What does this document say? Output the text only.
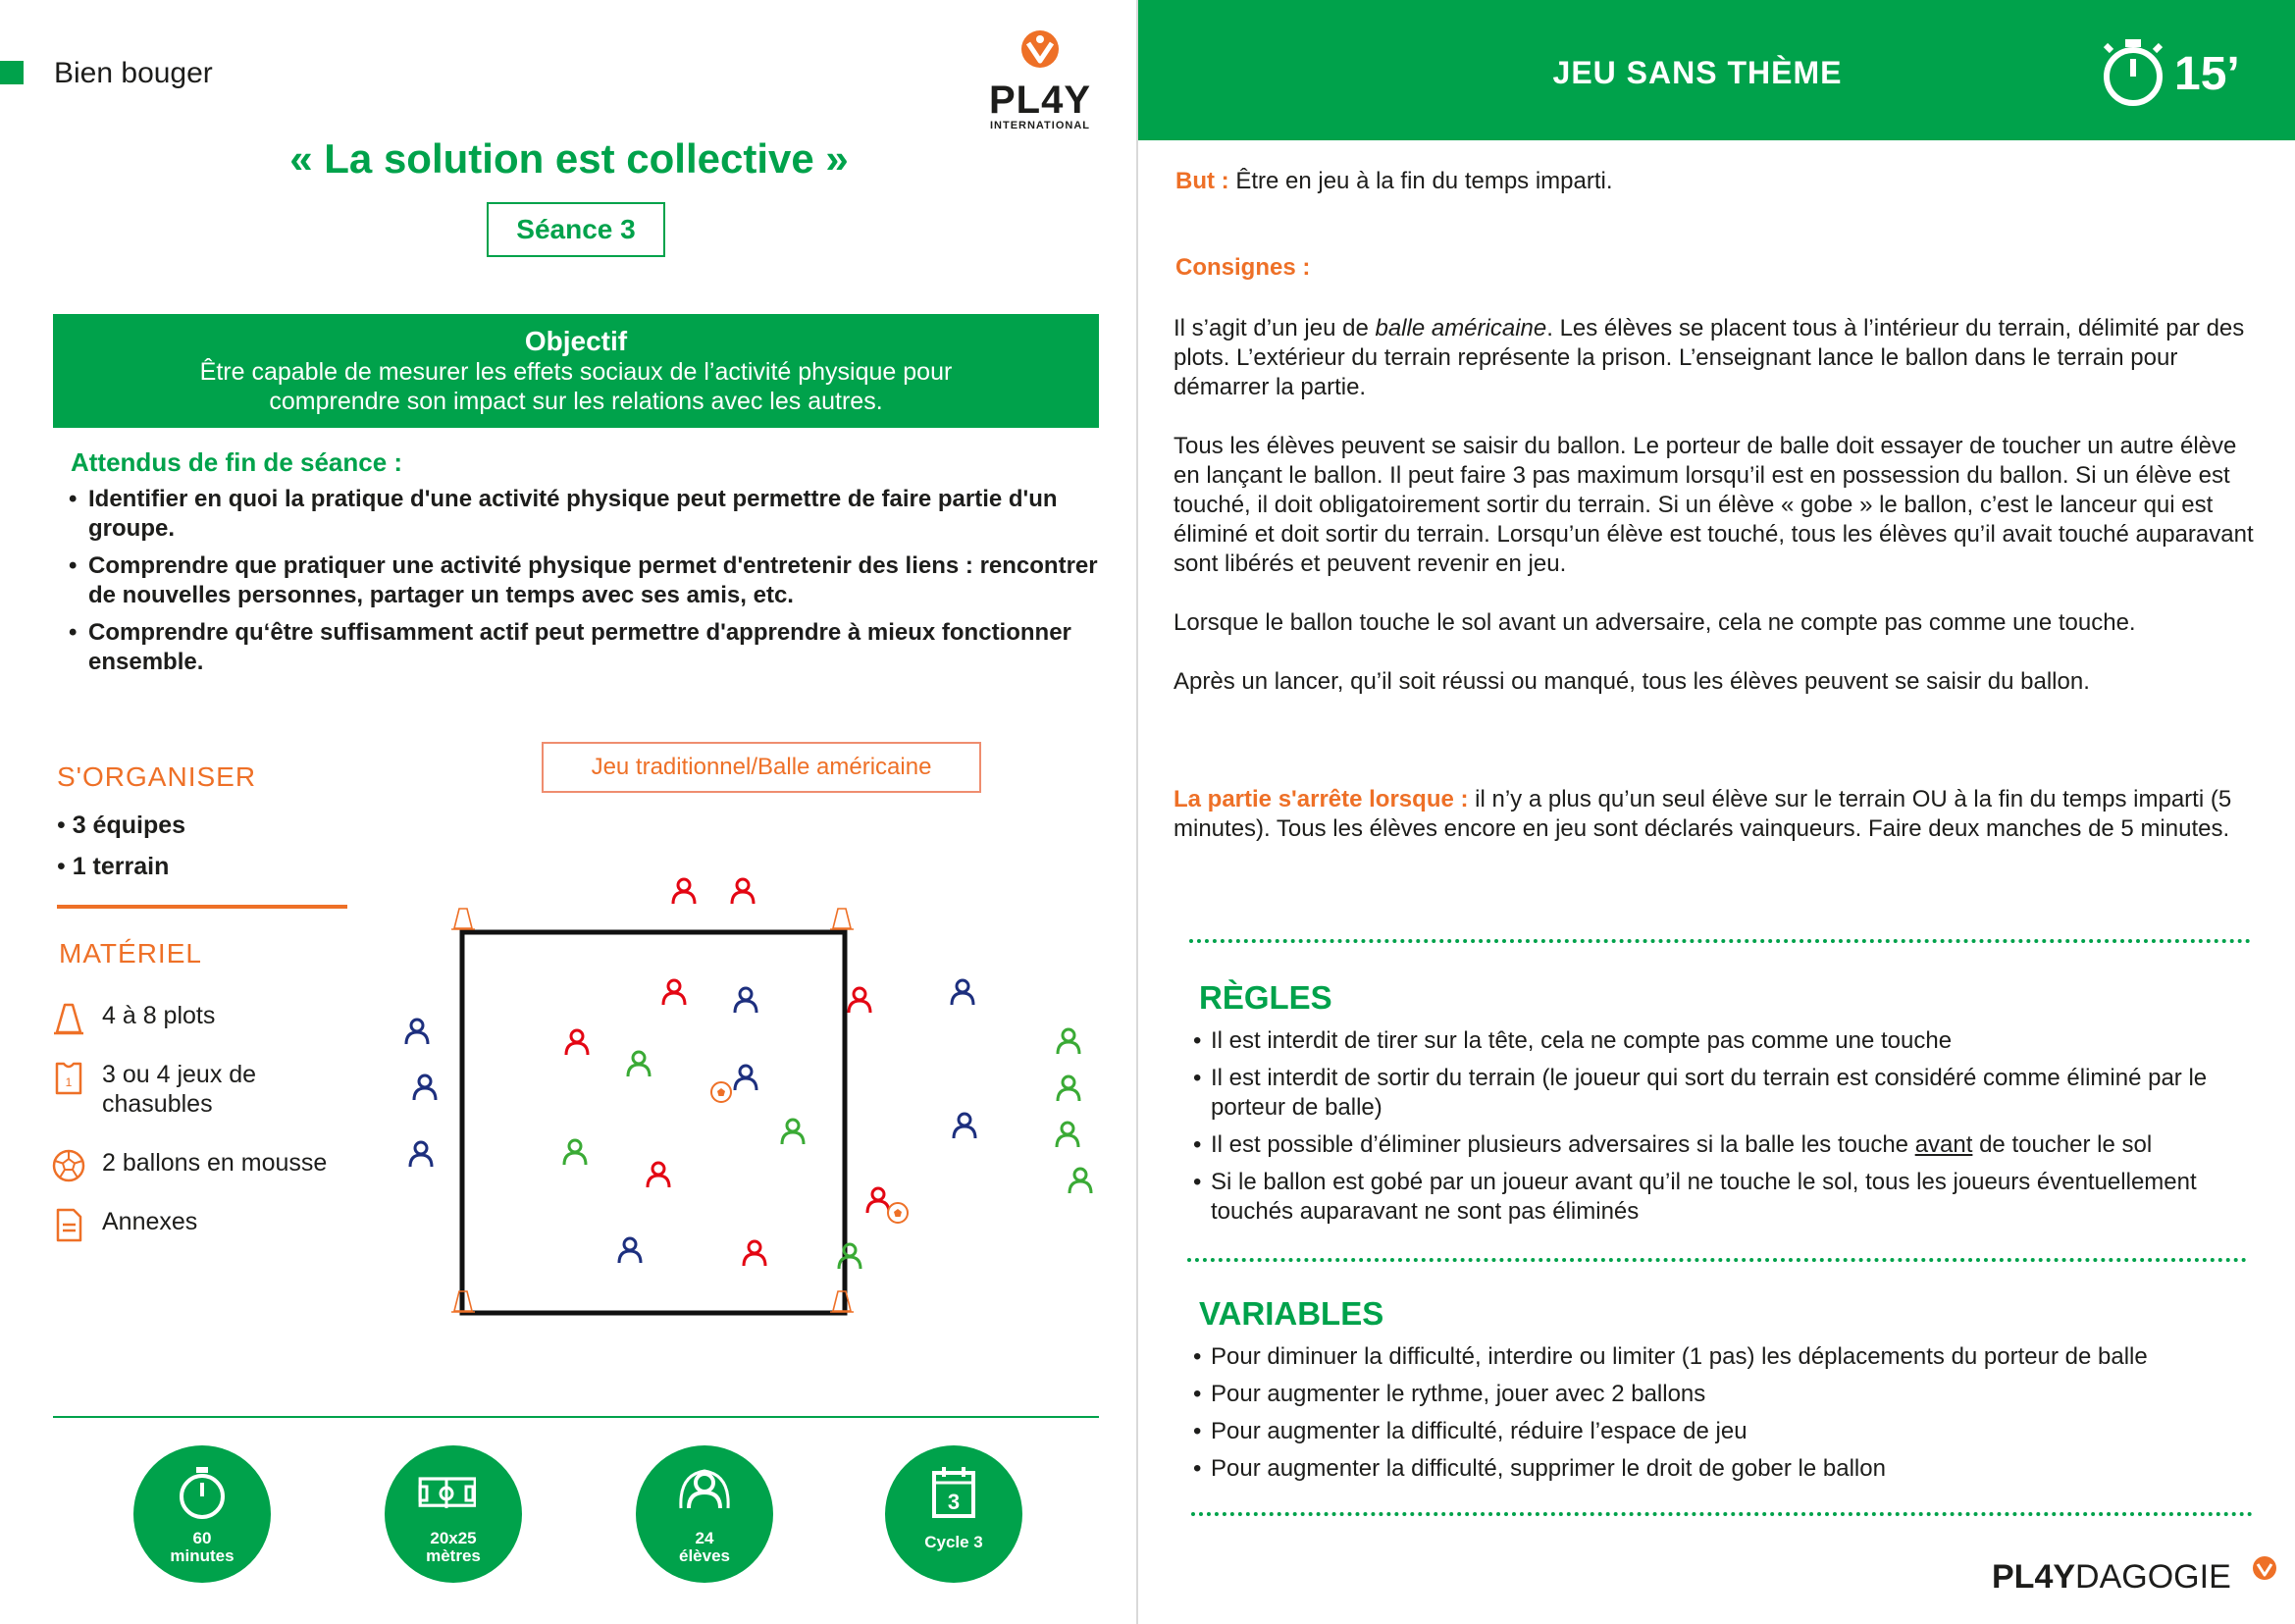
Bien bouger
PL4Y
INTERNATIONAL
« La solution est collective »
Séance 3
Objectif
Être capable de mesurer les effets sociaux de l’activité physique pour comprendre son impact sur les relations avec les autres.
Attendus de fin de séance :
• Identifier en quoi la pratique d'une activité physique peut permettre de faire partie d'un groupe.
• Comprendre que pratiquer une activité physique permet d'entretenir des liens : rencontrer de nouvelles personnes, partager un temps avec ses amis, etc.
• Comprendre qu‘être suffisamment actif peut permettre d'apprendre à mieux fonctionner ensemble.
S'ORGANISER
• 3 équipes
• 1 terrain
MATÉRIEL
4 à 8 plots
1 3 ou 4 jeux de chasubles
2 ballons en mousse
Annexes
Jeu traditionnel/Balle américaine
60
minutes
20x25
mètres
24
élèves
3
Cycle 3
JEU SANS THÈME	15’
But : Être en jeu à la fin du temps imparti.
Consignes :
Il s’agit d’un jeu de balle américaine. Les élèves se placent tous à l’intérieur du terrain, délimité par des plots. L’extérieur du terrain représente la prison. L’enseignant lance le ballon dans le terrain pour démarrer la partie.
Tous les élèves peuvent se saisir du ballon. Le porteur de balle doit essayer de toucher un autre élève en lançant le ballon. Il peut faire 3 pas maximum lorsqu’il est en possession du ballon. Si un élève est touché, il doit obligatoirement sortir du terrain. Si un élève « gobe » le ballon, c’est le lanceur qui est éliminé et doit sortir du terrain. Lorsqu’un élève est touché, tous les élèves qu’il avait touché auparavant sont libérés et peuvent revenir en jeu.
Lorsque le ballon touche le sol avant un adversaire, cela ne compte pas comme une touche.
Après un lancer, qu’il soit réussi ou manqué, tous les élèves peuvent se saisir du ballon.
La partie s'arrête lorsque : il n’y a plus qu’un seul élève sur le terrain OU à la fin du temps imparti (5 minutes). Tous les élèves encore en jeu sont déclarés vainqueurs. Faire deux manches de 5 minutes.
RÈGLES
• Il est interdit de tirer sur la tête, cela ne compte pas comme une touche
• Il est interdit de sortir du terrain (le joueur qui sort du terrain est considéré comme éliminé par le porteur de balle)
• Il est possible d’éliminer plusieurs adversaires si la balle les touche avant de toucher le sol
• Si le ballon est gobé par un joueur avant qu’il ne touche le sol, tous les joueurs éventuellement touchés auparavant ne sont pas éliminés
VARIABLES
• Pour diminuer la difficulté, interdire ou limiter (1 pas) les déplacements du porteur de balle
• Pour augmenter le rythme, jouer avec 2 ballons
• Pour augmenter la difficulté, réduire l’espace de jeu
• Pour augmenter la difficulté, supprimer le droit de gober le ballon
PL4YDAGOGIE
